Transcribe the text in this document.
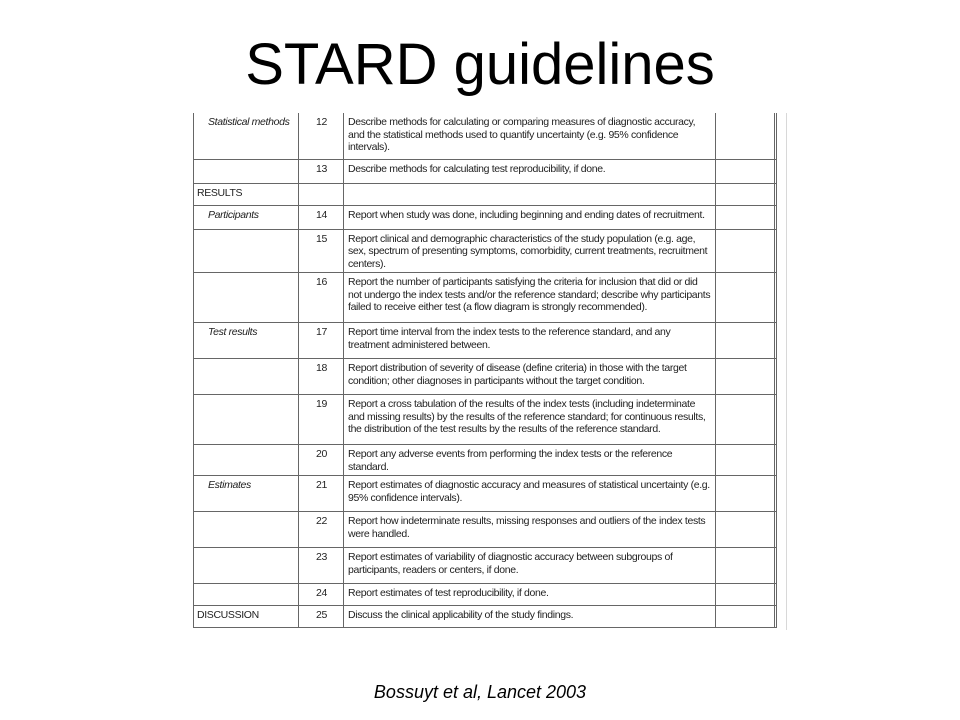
STARD guidelines
Statistical methods	12	Describe methods for calculating or comparing measures of diagnostic accuracy, and the statistical methods used to quantify uncertainty (e.g. 95% confidence intervals).		
	13	Describe methods for calculating test reproducibility, if done.		
RESULTS				
Participants	14	Report when study was done, including beginning and ending dates of recruitment.		
	15	Report clinical and demographic characteristics of the study population (e.g. age, sex, spectrum of presenting symptoms, comorbidity, current treatments, recruitment centers).		
	16	Report the number of participants satisfying the criteria for inclusion that did or did not undergo the index tests and/or the reference standard; describe why participants failed to receive either test (a flow diagram is strongly recommended).		
Test results	17	Report time interval from the index tests to the reference standard, and any treatment administered between.		
	18	Report distribution of severity of disease (define criteria) in those with the target condition; other diagnoses in participants without the target condition.		
	19	Report a cross tabulation of the results of the index tests (including indeterminate and missing results) by the results of the reference standard; for continuous results, the distribution of the test results by the results of the reference standard.		
	20	Report any adverse events from performing the index tests or the reference standard.		
Estimates	21	Report estimates of diagnostic accuracy and measures of statistical uncertainty (e.g. 95% confidence intervals).		
	22	Report how indeterminate results, missing responses and outliers of the index tests were handled.		
	23	Report estimates of variability of diagnostic accuracy between subgroups of participants, readers or centers, if done.		
	24	Report estimates of test reproducibility, if done.		
DISCUSSION	25	Discuss the clinical applicability of the study findings.		
Bossuyt et al, Lancet 2003
